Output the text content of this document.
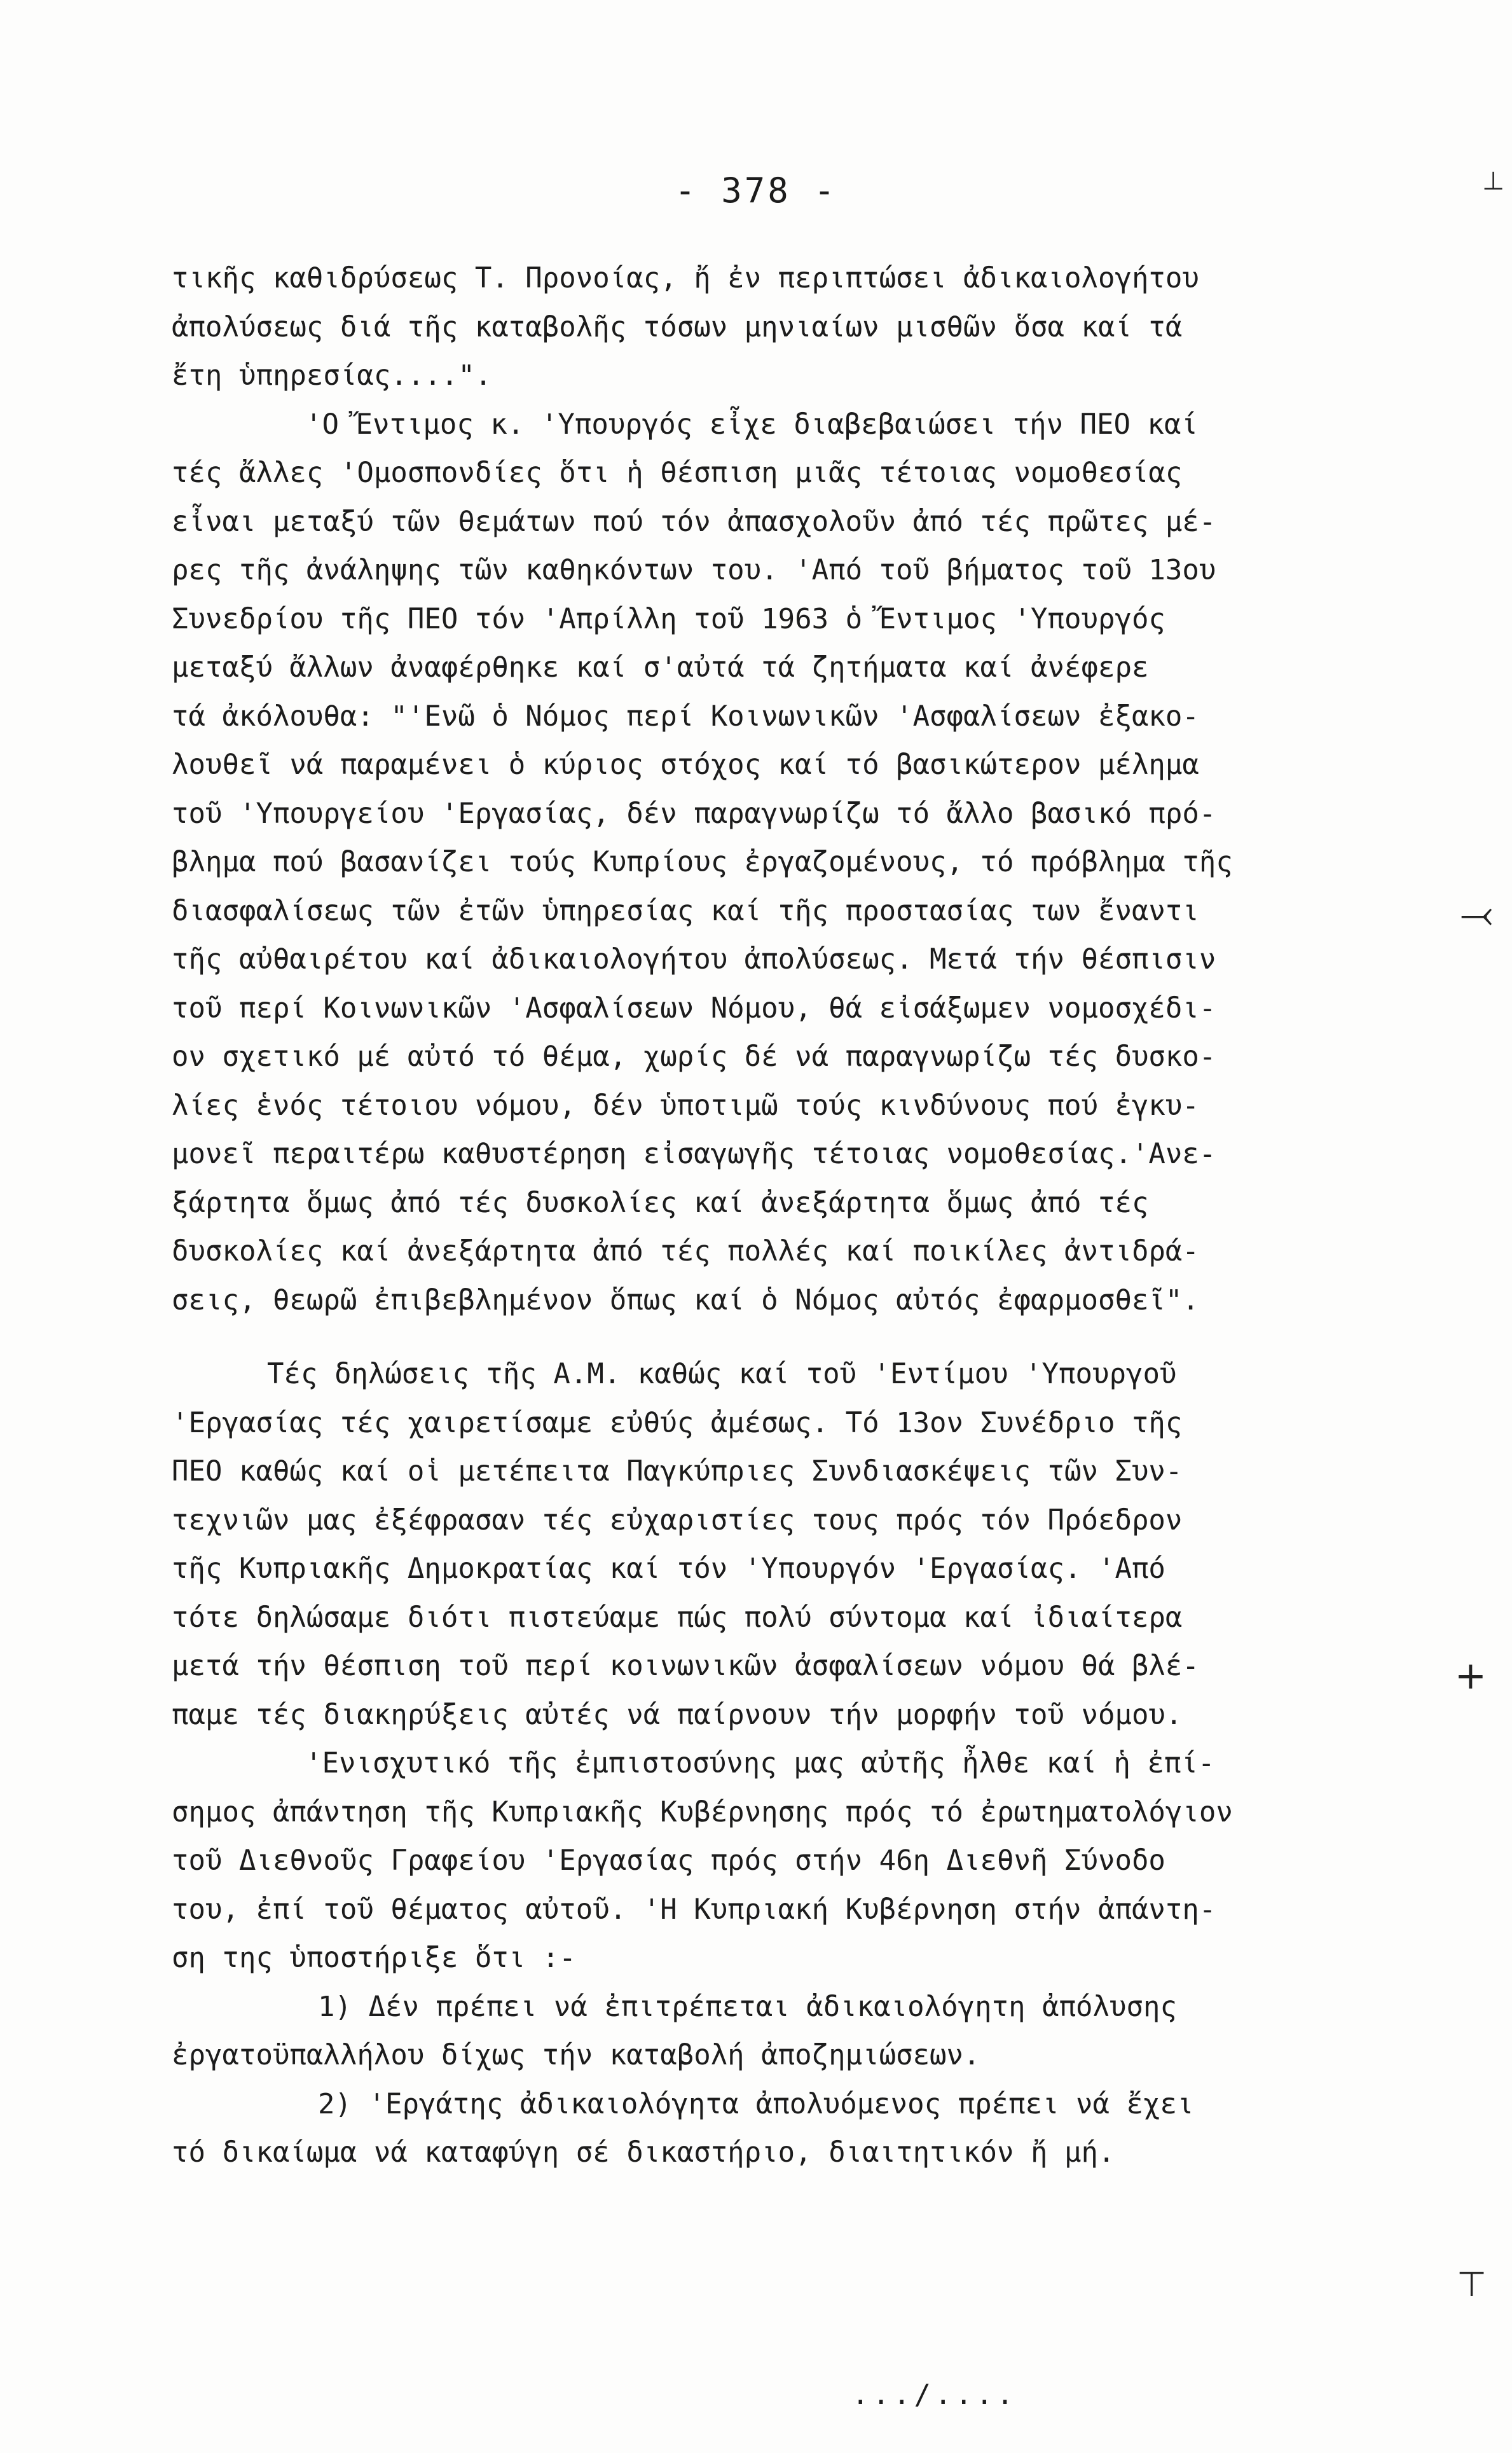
- 378 -	⊥
⤙
+
⊤
τικῆς καθιδρύσεως Τ. Προνοίας, ἤ ἐν περιπτώσει ἀδικαιολογήτου
ἀπολύσεως διά τῆς καταβολῆς τόσων μηνιαίων μισθῶν ὅσα καί τά
ἔτη ὑπηρεσίας....".
'Ο Ἔντιμος κ. 'Υπουργός εἶχε διαβεβαιώσει τήν ΠΕΟ καί
τές ἄλλες 'Ομοσπονδίες ὅτι ἡ θέσπιση μιᾶς τέτοιας νομοθεσίας
εἶναι μεταξύ τῶν θεμάτων πού τόν ἀπασχολοῦν ἀπό τές πρῶτες μέ-
ρες τῆς ἀνάληψης τῶν καθηκόντων του. 'Από τοῦ βήματος τοῦ 13ου
Συνεδρίου τῆς ΠΕΟ τόν 'Απρίλλη τοῦ 1963 ὁ Ἔντιμος 'Υπουργός
μεταξύ ἄλλων ἀναφέρθηκε καί σ'αὐτά τά ζητήματα καί ἀνέφερε
τά ἀκόλουθα: "'Ενῶ ὁ Νόμος περί Κοινωνικῶν 'Ασφαλίσεων ἐξακο-
λουθεῖ νά παραμένει ὁ κύριος στόχος καί τό βασικώτερον μέλημα
τοῦ 'Υπουργείου 'Εργασίας, δέν παραγνωρίζω τό ἄλλο βασικό πρό-
βλημα πού βασανίζει τούς Κυπρίους ἐργαζομένους, τό πρόβλημα τῆς
διασφαλίσεως τῶν ἐτῶν ὑπηρεσίας καί τῆς προστασίας των ἔναντι
τῆς αὐθαιρέτου καί ἀδικαιολογήτου ἀπολύσεως. Μετά τήν θέσπισιν
τοῦ περί Κοινωνικῶν 'Ασφαλίσεων Νόμου, θά εἰσάξωμεν νομοσχέδι-
ον σχετικό μέ αὐτό τό θέμα, χωρίς δέ νά παραγνωρίζω τές δυσκο-
λίες ἑνός τέτοιου νόμου, δέν ὑποτιμῶ τούς κινδύνους πού ἐγκυ-
μονεῖ περαιτέρω καθυστέρηση εἰσαγωγῆς τέτοιας νομοθεσίας.'Ανε-
ξάρτητα ὅμως ἀπό τές δυσκολίες καί ἀνεξάρτητα ὅμως ἀπό τές
δυσκολίες καί ἀνεξάρτητα ἀπό τές πολλές καί ποικίλες ἀντιδρά-
σεις, θεωρῶ ἐπιβεβλημένον ὅπως καί ὁ Νόμος αὐτός ἐφαρμοσθεῖ".
Τές δηλώσεις τῆς Α.Μ. καθώς καί τοῦ 'Εντίμου 'Υπουργοῦ
'Εργασίας τές χαιρετίσαμε εὐθύς ἀμέσως. Τό 13ον Συνέδριο τῆς
ΠΕΟ καθώς καί οἱ μετέπειτα Παγκύπριες Συνδιασκέψεις τῶν Συν-
τεχνιῶν μας ἐξέφρασαν τές εὐχαριστίες τους πρός τόν Πρόεδρον
τῆς Κυπριακῆς Δημοκρατίας καί τόν 'Υπουργόν 'Εργασίας. 'Από
τότε δηλώσαμε διότι πιστεύαμε πώς πολύ σύντομα καί ἰδιαίτερα
μετά τήν θέσπιση τοῦ περί κοινωνικῶν ἀσφαλίσεων νόμου θά βλέ-
παμε τές διακηρύξεις αὐτές νά παίρνουν τήν μορφήν τοῦ νόμου.
'Ενισχυτικό τῆς ἐμπιστοσύνης μας αὐτῆς ἦλθε καί ἡ ἐπί-
σημος ἀπάντηση τῆς Κυπριακῆς Κυβέρνησης πρός τό ἐρωτηματολόγιον
τοῦ Διεθνοῦς Γραφείου 'Εργασίας πρός στήν 46η Διεθνῆ Σύνοδο
του, ἐπί τοῦ θέματος αὐτοῦ. 'Η Κυπριακή Κυβέρνηση στήν ἀπάντη-
ση της ὑποστήριξε ὅτι :-
1) Δέν πρέπει νά ἐπιτρέπεται ἀδικαιολόγητη ἀπόλυσης
ἐργατοϋπαλλήλου δίχως τήν καταβολή ἀποζημιώσεων.
2) 'Εργάτης ἀδικαιολόγητα ἀπολυόμενος πρέπει νά ἔχει
τό δικαίωμα νά καταφύγη σέ δικαστήριο, διαιτητικόν ἤ μή.
.../....
